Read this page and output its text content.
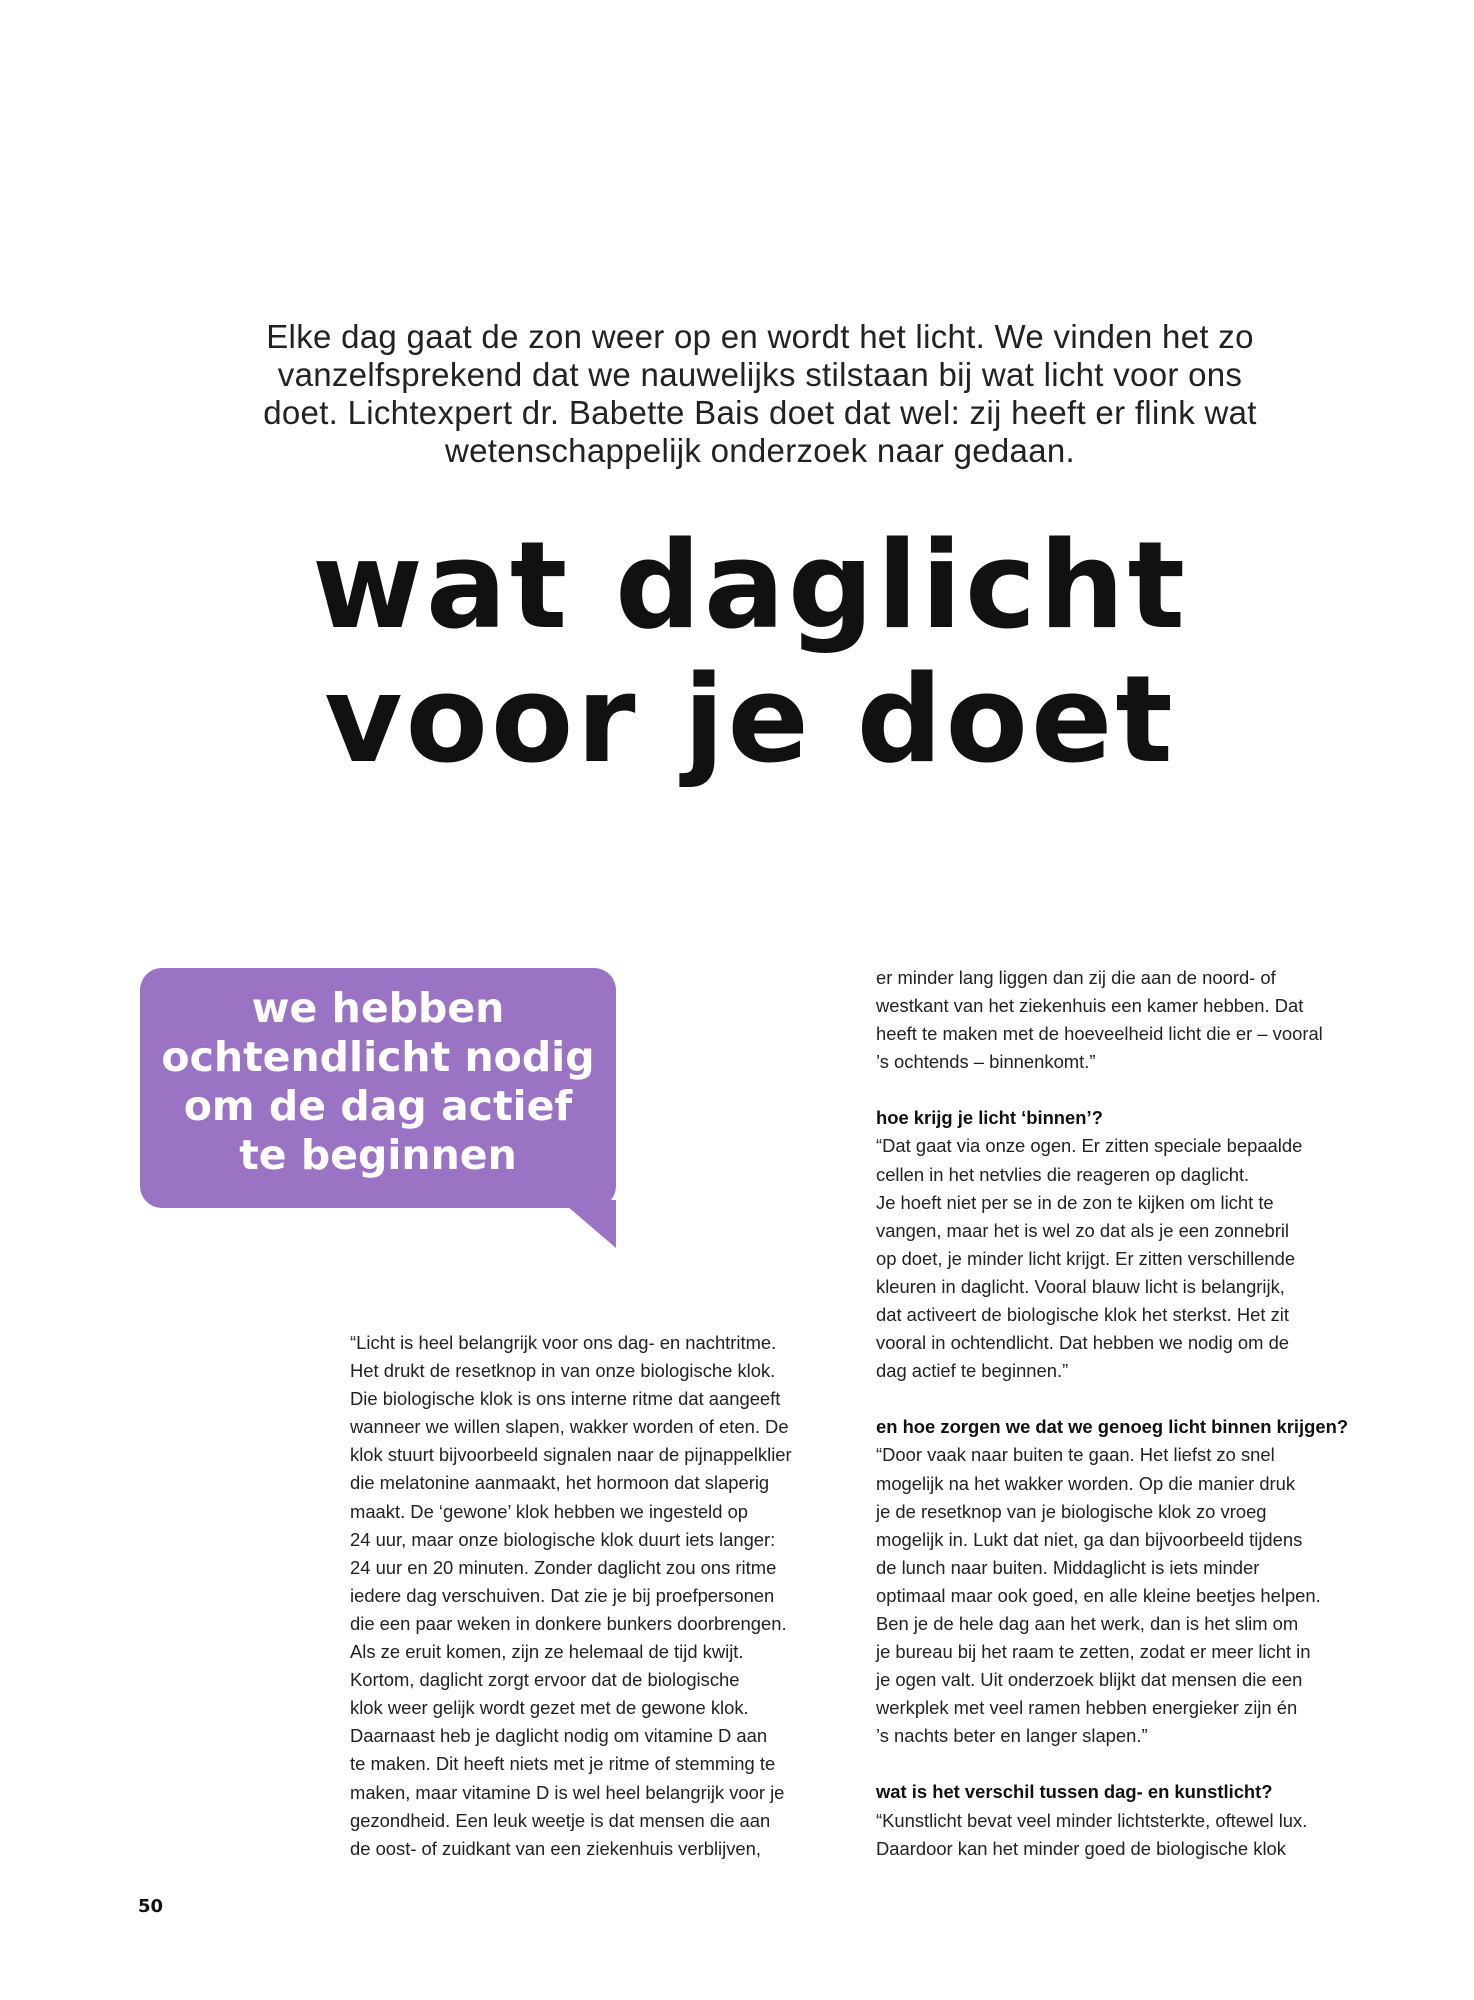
Elke dag gaat de zon weer op en wordt het licht. We vinden het zo
vanzelfsprekend dat we nauwelijks stilstaan bij wat licht voor ons
doet. Lichtexpert dr. Babette Bais doet dat wel: zij heeft er flink wat
wetenschappelijk onderzoek naar gedaan.
wat daglicht
voor je doet
we hebben
ochtendlicht nodig
om de dag actief
te beginnen
“Licht is heel belangrijk voor ons dag- en nachtritme.
Het drukt de resetknop in van onze biologische klok.
Die biologische klok is ons interne ritme dat aangeeft
wanneer we willen slapen, wakker worden of eten. De
klok stuurt bijvoorbeeld signalen naar de pijnappelklier
die melatonine aanmaakt, het hormoon dat slaperig
maakt. De ‘gewone’ klok hebben we ingesteld op
24 uur, maar onze biologische klok duurt iets langer:
24 uur en 20 minuten. Zonder daglicht zou ons ritme
iedere dag verschuiven. Dat zie je bij proefpersonen
die een paar weken in donkere bunkers doorbrengen.
Als ze eruit komen, zijn ze helemaal de tijd kwijt.
Kortom, daglicht zorgt ervoor dat de biologische
klok weer gelijk wordt gezet met de gewone klok.
Daarnaast heb je daglicht nodig om vitamine D aan
te maken. Dit heeft niets met je ritme of stemming te
maken, maar vitamine D is wel heel belangrijk voor je
gezondheid. Een leuk weetje is dat mensen die aan
de oost- of zuidkant van een ziekenhuis verblijven,
er minder lang liggen dan zij die aan de noord- of
westkant van het ziekenhuis een kamer hebben. Dat
heeft te maken met de hoeveelheid licht die er – vooral
’s ochtends – binnenkomt.”
hoe krijg je licht ‘binnen’?
“Dat gaat via onze ogen. Er zitten speciale bepaalde
cellen in het netvlies die reageren op daglicht.
Je hoeft niet per se in de zon te kijken om licht te
vangen, maar het is wel zo dat als je een zonnebril
op doet, je minder licht krijgt. Er zitten verschillende
kleuren in daglicht. Vooral blauw licht is belangrijk,
dat activeert de biologische klok het sterkst. Het zit
vooral in ochtendlicht. Dat hebben we nodig om de
dag actief te beginnen.”
en hoe zorgen we dat we genoeg licht binnen krijgen?
“Door vaak naar buiten te gaan. Het liefst zo snel
mogelijk na het wakker worden. Op die manier druk
je de resetknop van je biologische klok zo vroeg
mogelijk in. Lukt dat niet, ga dan bijvoorbeeld tijdens
de lunch naar buiten. Middaglicht is iets minder
optimaal maar ook goed, en alle kleine beetjes helpen.
Ben je de hele dag aan het werk, dan is het slim om
je bureau bij het raam te zetten, zodat er meer licht in
je ogen valt. Uit onderzoek blijkt dat mensen die een
werkplek met veel ramen hebben energieker zijn én
’s nachts beter en langer slapen.”
wat is het verschil tussen dag- en kunstlicht?
“Kunstlicht bevat veel minder lichtsterkte, oftewel lux.
Daardoor kan het minder goed de biologische klok
50
